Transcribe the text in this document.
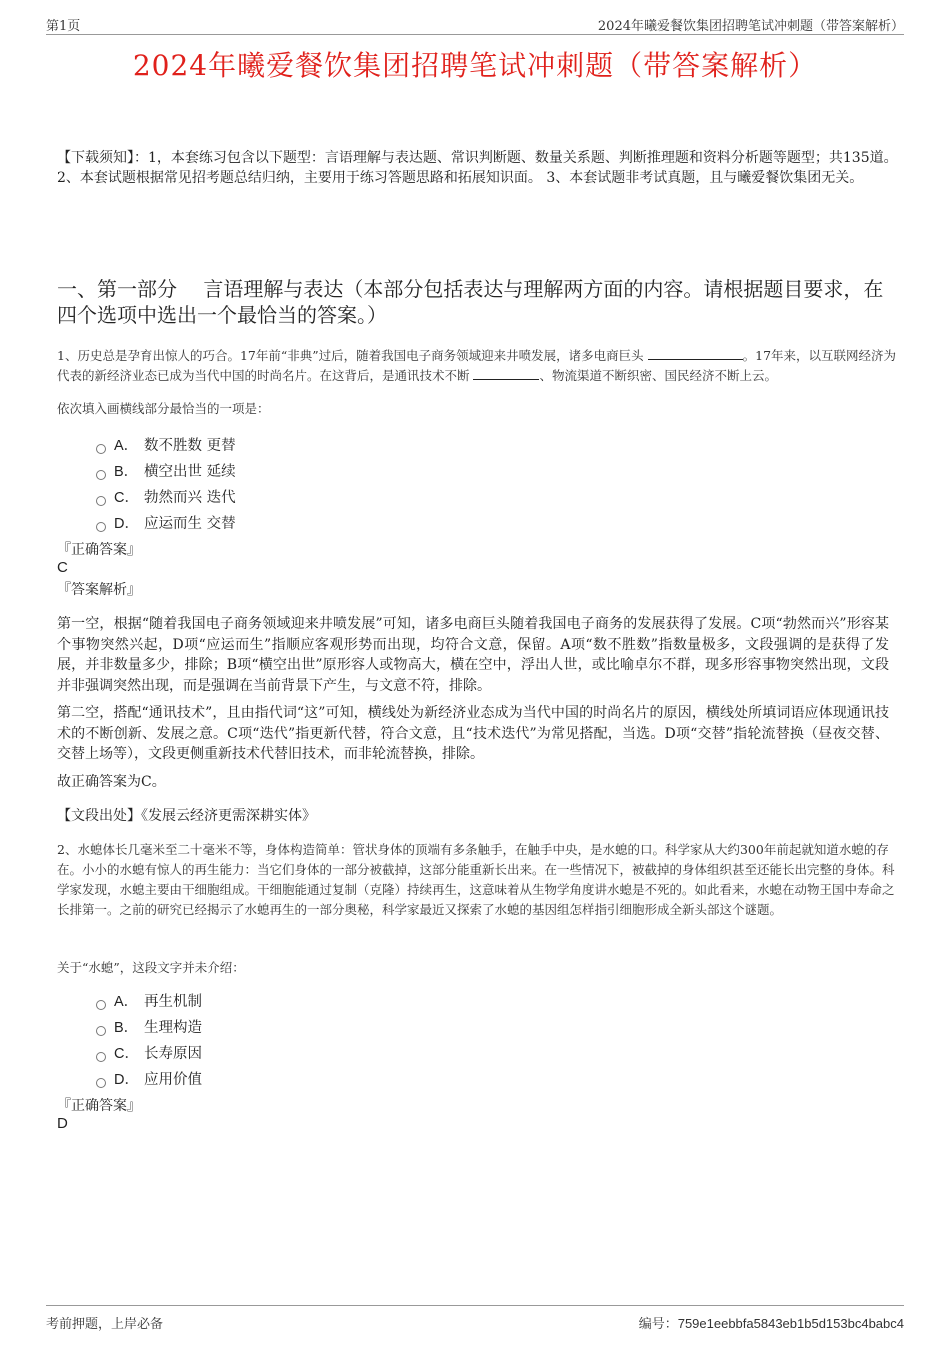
第1页	2024年曦爱餐饮集团招聘笔试冲刺题（带答案解析）
2024年曦爱餐饮集团招聘笔试冲刺题（带答案解析）

【下载须知】：1，本套练习包含以下题型：言语理解与表达题、常识判断题、数量关系题、判断推理题和资料分析题等题型；共135道。 2、本套试题根据常见招考题总结归纳，主要用于练习答题思路和拓展知识面。 3、本套试题非考试真题，且与曦爱餐饮集团无关。

一、第一部分　 言语理解与表达（本部分包括表达与理解两方面的内容。请根据题目要求，在四个选项中选出一个最恰当的答案。）

1、历史总是孕育出惊人的巧合。17年前“非典”过后，随着我国电子商务领域迎来井喷发展，诸多电商巨头	。17年来，以互联网经济为代表的新经济业态已成为当代中国的时尚名片。在这背后，是通讯技术不断	、物流渠道不断织密、国民经济不断上云。

依次填入画横线部分最恰当的一项是：

A． 数不胜数 更替
B． 横空出世 延续
C． 勃然而兴 迭代
D． 应运而生 交替

『正确答案』

C

『答案解析』

第一空，根据“随着我国电子商务领域迎来井喷发展”可知，诸多电商巨头随着我国电子商务的发展获得了发展。C项“勃然而兴”形容某个事物突然兴起，D项“应运而生”指顺应客观形势而出现，均符合文意，保留。A项“数不胜数”指数量极多，文段强调的是获得了发展，并非数量多少，排除；B项“横空出世”原形容人或物高大，横在空中，浮出人世，或比喻卓尔不群，现多形容事物突然出现，文段并非强调突然出现，而是强调在当前背景下产生，与文意不符，排除。

第二空，搭配“通讯技术”，且由指代词“这”可知，横线处为新经济业态成为当代中国的时尚名片的原因，横线处所填词语应体现通讯技术的不断创新、发展之意。C项“迭代”指更新代替，符合文意，且“技术迭代”为常见搭配，当选。D项“交替”指轮流替换（昼夜交替、交替上场等），文段更侧重新技术代替旧技术，而非轮流替换，排除。

故正确答案为C。

【文段出处】《发展云经济更需深耕实体》

2、水螅体长几毫米至二十毫米不等，身体构造简单：管状身体的顶端有多条触手，在触手中央，是水螅的口。科学家从大约300年前起就知道水螅的存在。小小的水螅有惊人的再生能力：当它们身体的一部分被截掉，这部分能重新长出来。在一些情况下，被截掉的身体组织甚至还能长出完整的身体。科学家发现，水螅主要由干细胞组成。干细胞能通过复制（克隆）持续再生，这意味着从生物学角度讲水螅是不死的。如此看来，水螅在动物王国中寿命之长排第一。之前的研究已经揭示了水螅再生的一部分奥秘，科学家最近又探索了水螅的基因组怎样指引细胞形成全新头部这个谜题。

关于“水螅”，这段文字并未介绍：

A． 再生机制
B． 生理构造
C． 长寿原因
D． 应用价值

『正确答案』

D

考前押题，上岸必备	编号：759e1eebbfa5843eb1b5d153bc4babc4
